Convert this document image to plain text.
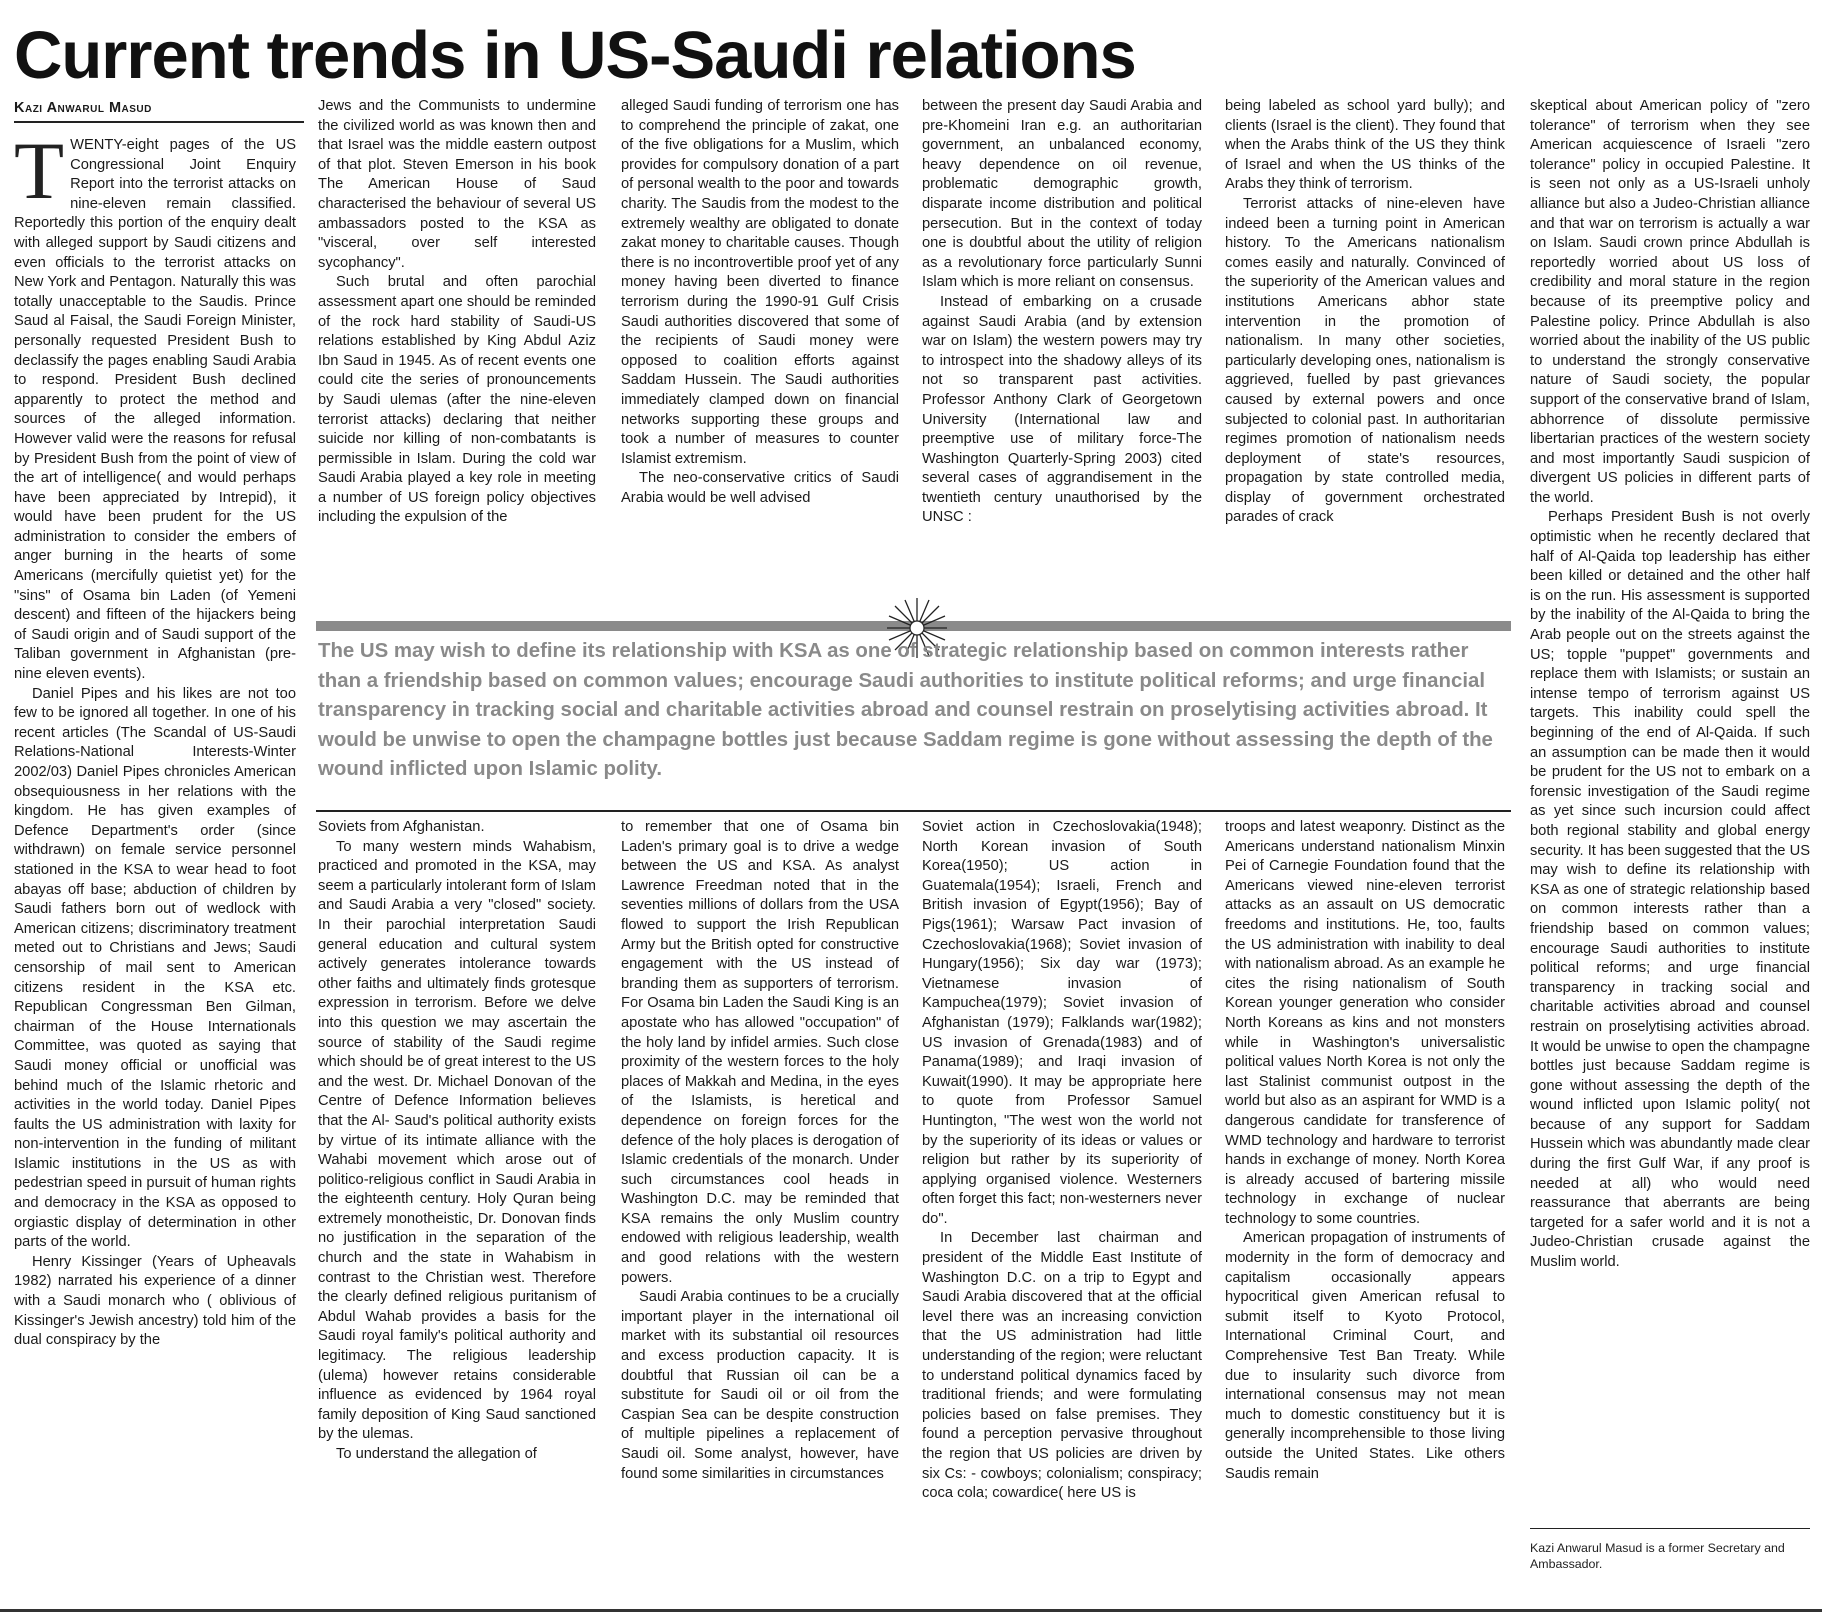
Current trends in US-Saudi relations
Kazi Anwarul Masud

TWENTY-eight pages of the US Congressional Joint Enquiry Report into the terrorist attacks on nine-eleven remain classified. Reportedly this portion of the enquiry dealt with alleged support by Saudi citizens and even officials to the terrorist attacks on New York and Pentagon. Naturally this was totally unacceptable to the Saudis. Prince Saud al Faisal, the Saudi Foreign Minister, personally requested President Bush to declassify the pages enabling Saudi Arabia to respond. President Bush declined apparently to protect the method and sources of the alleged information. However valid were the reasons for refusal by President Bush from the point of view of the art of intelligence( and would perhaps have been appreciated by Intrepid), it would have been prudent for the US administration to consider the embers of anger burning in the hearts of some Americans (mercifully quietist yet) for the "sins" of Osama bin Laden (of Yemeni descent) and fifteen of the hijackers being of Saudi origin and of Saudi support of the Taliban government in Afghanistan (pre-nine eleven events).

Daniel Pipes and his likes are not too few to be ignored all together. In one of his recent articles (The Scandal of US-Saudi Relations-National Interests-Winter 2002/03) Daniel Pipes chronicles American obsequiousness in her relations with the kingdom. He has given examples of Defence Department's order (since withdrawn) on female service personnel stationed in the KSA to wear head to foot abayas off base; abduction of children by Saudi fathers born out of wedlock with American citizens; discriminatory treatment meted out to Christians and Jews; Saudi censorship of mail sent to American citizens resident in the KSA etc. Republican Congressman Ben Gilman, chairman of the House Internationals Committee, was quoted as saying that Saudi money official or unofficial was behind much of the Islamic rhetoric and activities in the world today. Daniel Pipes faults the US administration with laxity for non-intervention in the funding of militant Islamic institutions in the US as with pedestrian speed in pursuit of human rights and democracy in the KSA as opposed to orgiastic display of determination in other parts of the world.

Henry Kissinger (Years of Upheavals 1982) narrated his experience of a dinner with a Saudi monarch who ( oblivious of Kissinger's Jewish ancestry) told him of the dual conspiracy by the

Jews and the Communists to undermine the civilized world as was known then and that Israel was the middle eastern outpost of that plot. Steven Emerson in his book The American House of Saud characterised the behaviour of several US ambassadors posted to the KSA as "visceral, over self interested sycophancy".

Such brutal and often parochial assessment apart one should be reminded of the rock hard stability of Saudi-US relations established by King Abdul Aziz Ibn Saud in 1945. As of recent events one could cite the series of pronouncements by Saudi ulemas (after the nine-eleven terrorist attacks) declaring that neither suicide nor killing of non-combatants is permissible in Islam. During the cold war Saudi Arabia played a key role in meeting a number of US foreign policy objectives including the expulsion of the

alleged Saudi funding of terrorism one has to comprehend the principle of zakat, one of the five obligations for a Muslim, which provides for compulsory donation of a part of personal wealth to the poor and towards charity. The Saudis from the modest to the extremely wealthy are obligated to donate zakat money to charitable causes. Though there is no incontrovertible proof yet of any money having been diverted to finance terrorism during the 1990-91 Gulf Crisis Saudi authorities discovered that some of the recipients of Saudi money were opposed to coalition efforts against Saddam Hussein. The Saudi authorities immediately clamped down on financial networks supporting these groups and took a number of measures to counter Islamist extremism.

The neo-conservative critics of Saudi Arabia would be well advised

between the present day Saudi Arabia and pre-Khomeini Iran e.g. an authoritarian government, an unbalanced economy, heavy dependence on oil revenue, problematic demographic growth, disparate income distribution and political persecution. But in the context of today one is doubtful about the utility of religion as a revolutionary force particularly Sunni Islam which is more reliant on consensus.

Instead of embarking on a crusade against Saudi Arabia (and by extension war on Islam) the western powers may try to introspect into the shadowy alleys of its not so transparent past activities. Professor Anthony Clark of Georgetown University (International law and preemptive use of military force-The Washington Quarterly-Spring 2003) cited several cases of aggrandisement in the twentieth century unauthorised by the UNSC :

being labeled as school yard bully); and clients (Israel is the client). They found that when the Arabs think of the US they think of Israel and when the US thinks of the Arabs they think of terrorism.

Terrorist attacks of nine-eleven have indeed been a turning point in American history. To the Americans nationalism comes easily and naturally. Convinced of the superiority of the American values and institutions Americans abhor state intervention in the promotion of nationalism. In many other societies, particularly developing ones, nationalism is aggrieved, fuelled by past grievances caused by external powers and once subjected to colonial past. In authoritarian regimes promotion of nationalism needs deployment of state's resources, propagation by state controlled media, display of government orchestrated parades of crack

The US may wish to define its relationship with KSA as one of strategic relationship based on common interests rather than a friendship based on common values; encourage Saudi authorities to institute political reforms; and urge financial transparency in tracking social and charitable activities abroad and counsel restrain on proselytising activities abroad. It would be unwise to open the champagne bottles just because Saddam regime is gone without assessing the depth of the wound inflicted upon Islamic polity.

Soviets from Afghanistan.

To many western minds Wahabism, practiced and promoted in the KSA, may seem a particularly intolerant form of Islam and Saudi Arabia a very "closed" society. In their parochial interpretation Saudi general education and cultural system actively generates intolerance towards other faiths and ultimately finds grotesque expression in terrorism. Before we delve into this question we may ascertain the source of stability of the Saudi regime which should be of great interest to the US and the west. Dr. Michael Donovan of the Centre of Defence Information believes that the Al- Saud's political authority exists by virtue of its intimate alliance with the Wahabi movement which arose out of politico-religious conflict in Saudi Arabia in the eighteenth century. Holy Quran being extremely monotheistic, Dr. Donovan finds no justification in the separation of the church and the state in Wahabism in contrast to the Christian west. Therefore the clearly defined religious puritanism of Abdul Wahab provides a basis for the Saudi royal family's political authority and legitimacy. The religious leadership (ulema) however retains considerable influence as evidenced by 1964 royal family deposition of King Saud sanctioned by the ulemas.

To understand the allegation of

to remember that one of Osama bin Laden's primary goal is to drive a wedge between the US and KSA. As analyst Lawrence Freedman noted that in the seventies millions of dollars from the USA flowed to support the Irish Republican Army but the British opted for constructive engagement with the US instead of branding them as supporters of terrorism. For Osama bin Laden the Saudi King is an apostate who has allowed "occupation" of the holy land by infidel armies. Such close proximity of the western forces to the holy places of Makkah and Medina, in the eyes of the Islamists, is heretical and dependence on foreign forces for the defence of the holy places is derogation of Islamic credentials of the monarch. Under such circumstances cool heads in Washington D.C. may be reminded that KSA remains the only Muslim country endowed with religious leadership, wealth and good relations with the western powers.

Saudi Arabia continues to be a crucially important player in the international oil market with its substantial oil resources and excess production capacity. It is doubtful that Russian oil can be a substitute for Saudi oil or oil from the Caspian Sea can be despite construction of multiple pipelines a replacement of Saudi oil. Some analyst, however, have found some similarities in circumstances

Soviet action in Czechoslovakia(1948); North Korean invasion of South Korea(1950); US action in Guatemala(1954); Israeli, French and British invasion of Egypt(1956); Bay of Pigs(1961); Warsaw Pact invasion of Czechoslovakia(1968); Soviet invasion of Hungary(1956); Six day war (1973); Vietnamese invasion of Kampuchea(1979); Soviet invasion of Afghanistan (1979); Falklands war(1982); US invasion of Grenada(1983) and of Panama(1989); and Iraqi invasion of Kuwait(1990). It may be appropriate here to quote from Professor Samuel Huntington, "The west won the world not by the superiority of its ideas or values or religion but rather by its superiority of applying organised violence. Westerners often forget this fact; non-westerners never do".

In December last chairman and president of the Middle East Institute of Washington D.C. on a trip to Egypt and Saudi Arabia discovered that at the official level there was an increasing conviction that the US administration had little understanding of the region; were reluctant to understand political dynamics faced by traditional friends; and were formulating policies based on false premises. They found a perception pervasive throughout the region that US policies are driven by six Cs: - cowboys; colonialism; conspiracy; coca cola; cowardice( here US is

troops and latest weaponry. Distinct as the Americans understand nationalism Minxin Pei of Carnegie Foundation found that the Americans viewed nine-eleven terrorist attacks as an assault on US democratic freedoms and institutions. He, too, faults the US administration with inability to deal with nationalism abroad. As an example he cites the rising nationalism of South Korean younger generation who consider North Koreans as kins and not monsters while in Washington's universalistic political values North Korea is not only the last Stalinist communist outpost in the world but also as an aspirant for WMD is a dangerous candidate for transference of WMD technology and hardware to terrorist hands in exchange of money. North Korea is already accused of bartering missile technology in exchange of nuclear technology to some countries.

American propagation of instruments of modernity in the form of democracy and capitalism occasionally appears hypocritical given American refusal to submit itself to Kyoto Protocol, International Criminal Court, and Comprehensive Test Ban Treaty. While due to insularity such divorce from international consensus may not mean much to domestic constituency but it is generally incomprehensible to those living outside the United States. Like others Saudis remain

skeptical about American policy of "zero tolerance" of terrorism when they see American acquiescence of Israeli "zero tolerance" policy in occupied Palestine. It is seen not only as a US-Israeli unholy alliance but also a Judeo-Christian alliance and that war on terrorism is actually a war on Islam. Saudi crown prince Abdullah is reportedly worried about US loss of credibility and moral stature in the region because of its preemptive policy and Palestine policy. Prince Abdullah is also worried about the inability of the US public to understand the strongly conservative nature of Saudi society, the popular support of the conservative brand of Islam, abhorrence of dissolute permissive libertarian practices of the western society and most importantly Saudi suspicion of divergent US policies in different parts of the world.

Perhaps President Bush is not overly optimistic when he recently declared that half of Al-Qaida top leadership has either been killed or detained and the other half is on the run. His assessment is supported by the inability of the Al-Qaida to bring the Arab people out on the streets against the US; topple "puppet" governments and replace them with Islamists; or sustain an intense tempo of terrorism against US targets. This inability could spell the beginning of the end of Al-Qaida. If such an assumption can be made then it would be prudent for the US not to embark on a forensic investigation of the Saudi regime as yet since such incursion could affect both regional stability and global energy security. It has been suggested that the US may wish to define its relationship with KSA as one of strategic relationship based on common interests rather than a friendship based on common values; encourage Saudi authorities to institute political reforms; and urge financial transparency in tracking social and charitable activities abroad and counsel restrain on proselytising activities abroad. It would be unwise to open the champagne bottles just because Saddam regime is gone without assessing the depth of the wound inflicted upon Islamic polity( not because of any support for Saddam Hussein which was abundantly made clear during the first Gulf War, if any proof is needed at all) who would need reassurance that aberrants are being targeted for a safer world and it is not a Judeo-Christian crusade against the Muslim world.

Kazi Anwarul Masud is a former Secretary and Ambassador.
